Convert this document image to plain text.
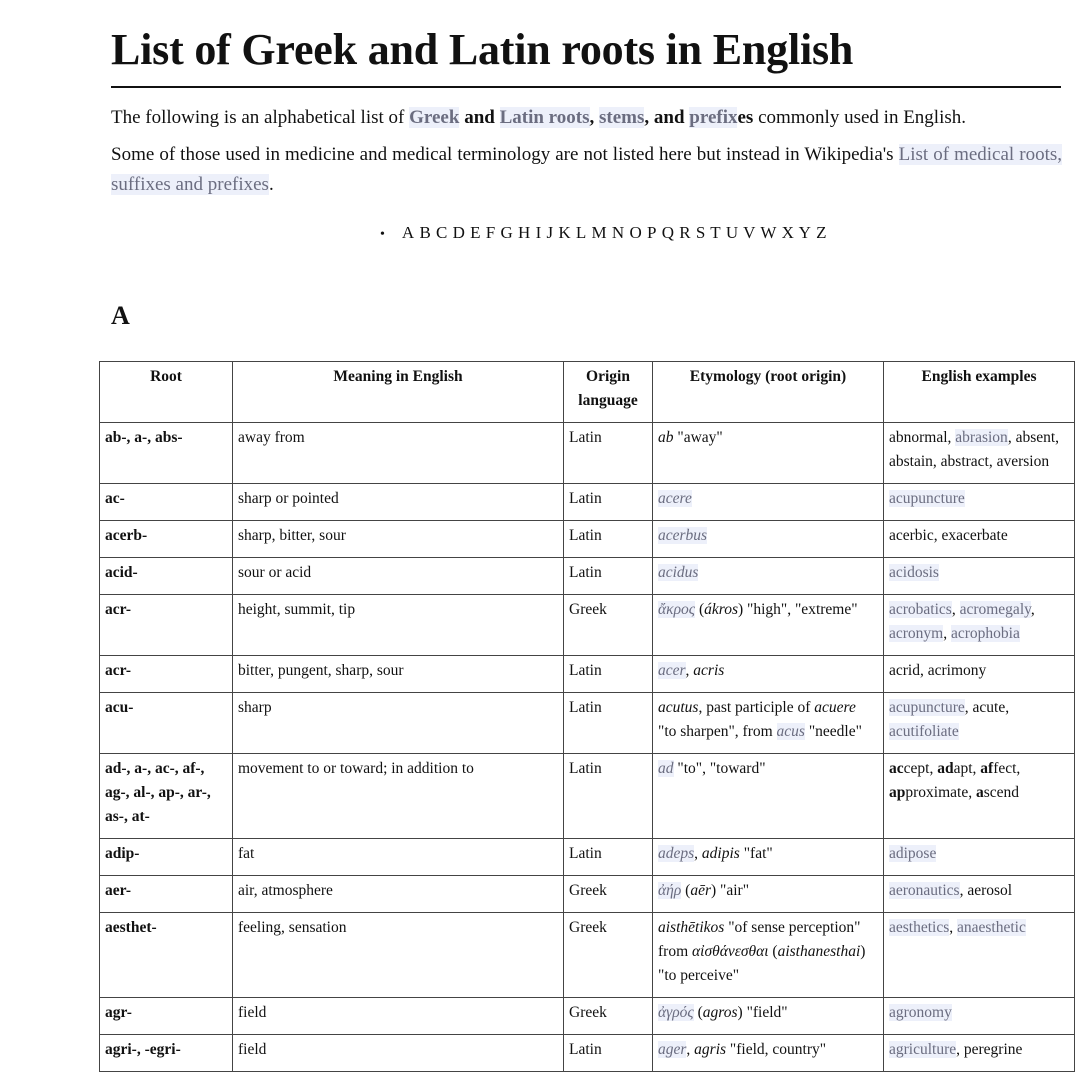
List of Greek and Latin roots in English

The following is an alphabetical list of Greek and Latin roots, stems, and prefixes commonly used in English.

Some of those used in medicine and medical terminology are not listed here but instead in Wikipedia's List of medical roots, suffixes and prefixes.

• A B C D E F G H I J K L M N O P Q R S T U V W X Y Z
A
Root	Meaning in English	Origin language	Etymology (root origin)	English examples
ab-, a-, abs-	away from	Latin	ab "away"	abnormal, abrasion, absent, abstain, abstract, aversion
ac-	sharp or pointed	Latin	acere	acupuncture
acerb-	sharp, bitter, sour	Latin	acerbus	acerbic, exacerbate
acid-	sour or acid	Latin	acidus	acidosis
acr-	height, summit, tip	Greek	ἄκρος (ákros) "high", "extreme"	acrobatics, acromegaly, acronym, acrophobia
acr-	bitter, pungent, sharp, sour	Latin	acer, acris	acrid, acrimony
acu-	sharp	Latin	acutus, past participle of acuere "to sharpen", from acus "needle"	acupuncture, acute, acutifoliate
ad-, a-, ac-, af-, ag-, al-, ap-, ar-, as-, at-	movement to or toward; in addition to	Latin	ad "to", "toward"	accept, adapt, affect, approximate, ascend
adip-	fat	Latin	adeps, adipis "fat"	adipose
aer-	air, atmosphere	Greek	ἀήρ (aēr) "air"	aeronautics, aerosol
aesthet-	feeling, sensation	Greek	aisthētikos "of sense perception" from αἰσθάνεσθαι (aisthanesthai) "to perceive"	aesthetics, anaesthetic
agr-	field	Greek	ἀγρός (agros) "field"	agronomy
agri-, -egri-	field	Latin	ager, agris "field, country"	agriculture, peregrine
